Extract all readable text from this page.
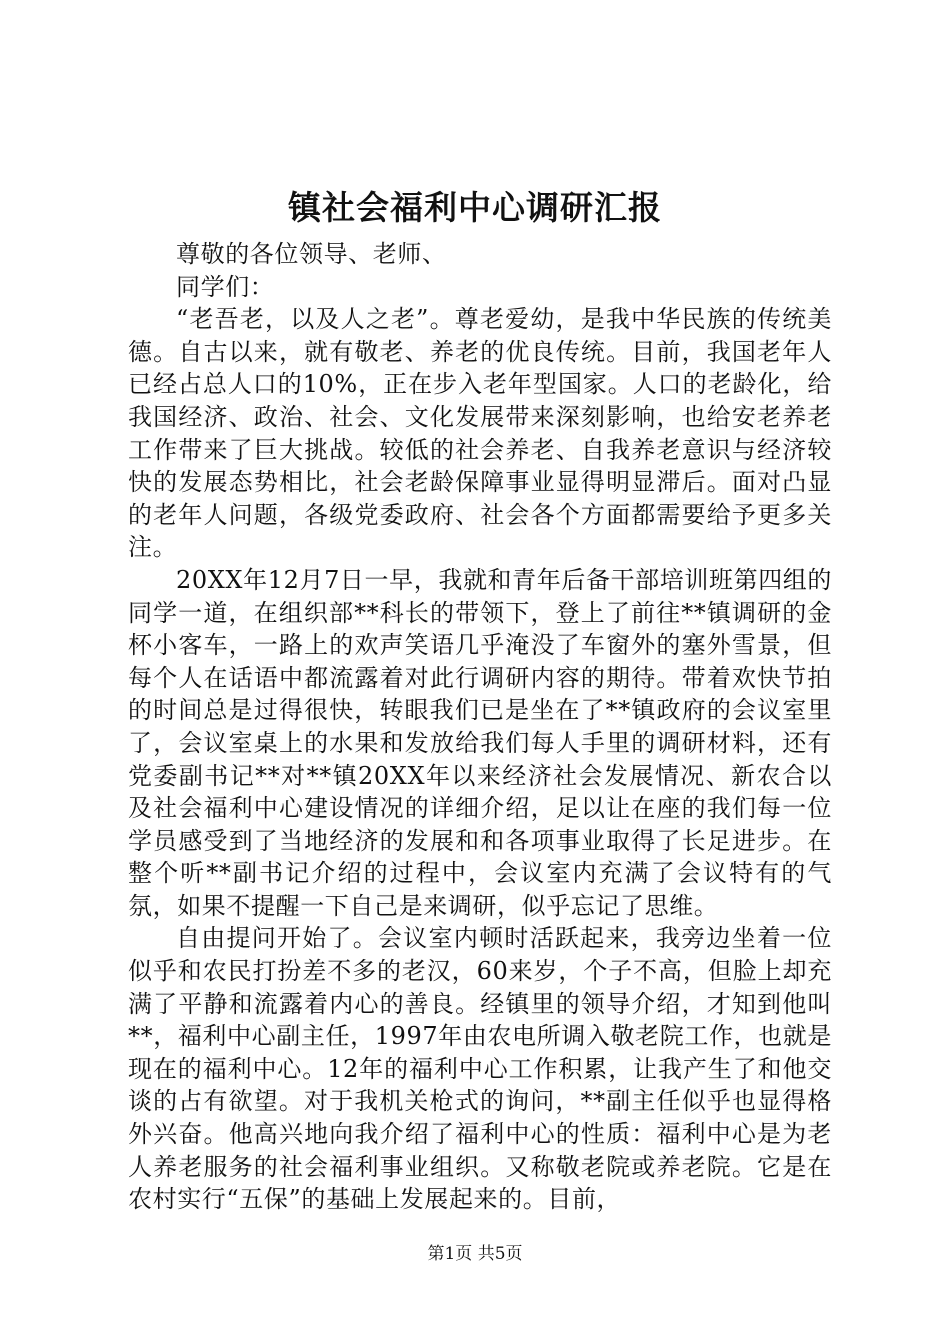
镇社会福利中心调研汇报

尊敬的各位领导、老师、

同学们：

“老吾老，以及人之老”。尊老爱幼，是我中华民族的传统美德。自古以来，就有敬老、养老的优良传统。目前，我国老年人已经占总人口的10%，正在步入老年型国家。人口的老龄化，给我国经济、政治、社会、文化发展带来深刻影响，也给安老养老工作带来了巨大挑战。较低的社会养老、自我养老意识与经济较快的发展态势相比，社会老龄保障事业显得明显滞后。面对凸显的老年人问题，各级党委政府、社会各个方面都需要给予更多关注。

20XX年12月7日一早，我就和青年后备干部培训班第四组的同学一道，在组织部**科长的带领下，登上了前往**镇调研的金杯小客车，一路上的欢声笑语几乎淹没了车窗外的塞外雪景，但每个人在话语中都流露着对此行调研内容的期待。带着欢快节拍的时间总是过得很快，转眼我们已是坐在了**镇政府的会议室里了，会议室桌上的水果和发放给我们每人手里的调研材料，还有党委副书记**对**镇20XX年以来经济社会发展情况、新农合以及社会福利中心建设情况的详细介绍，足以让在座的我们每一位学员感受到了当地经济的发展和和各项事业取得了长足进步。在整个听**副书记介绍的过程中，会议室内充满了会议特有的气氛，如果不提醒一下自己是来调研，似乎忘记了思维。

自由提问开始了。会议室内顿时活跃起来，我旁边坐着一位似乎和农民打扮差不多的老汉，60来岁，个子不高，但脸上却充满了平静和流露着内心的善良。经镇里的领导介绍，才知到他叫**，福利中心副主任，1997年由农电所调入敬老院工作，也就是现在的福利中心。12年的福利中心工作积累，让我产生了和他交谈的占有欲望。对于我机关枪式的询问，**副主任似乎也显得格外兴奋。他高兴地向我介绍了福利中心的性质：福利中心是为老人养老服务的社会福利事业组织。又称敬老院或养老院。它是在农村实行“五保”的基础上发展起来的。目前，

第1页 共5页
